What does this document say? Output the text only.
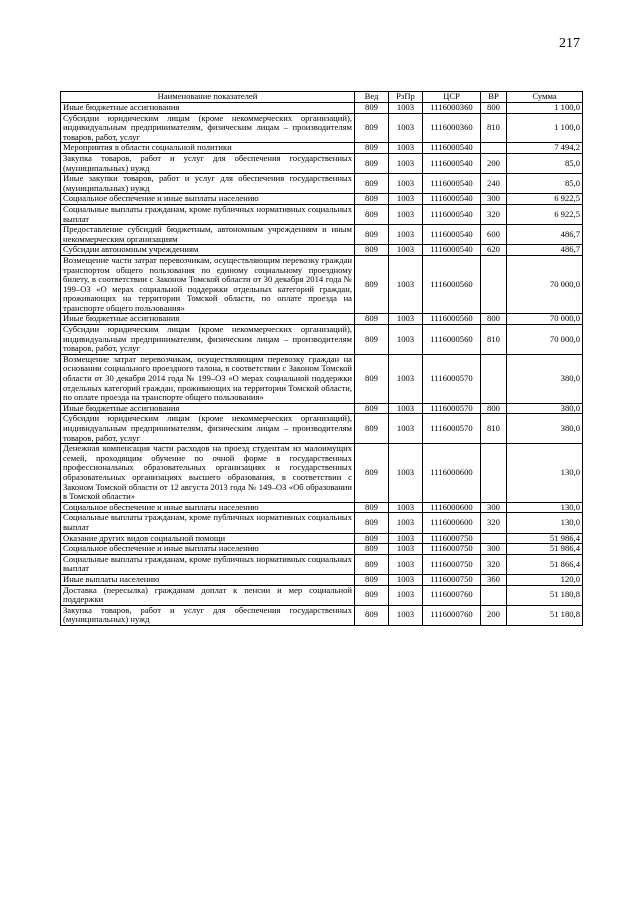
217
Наименование показателей	Вед	РзПр	ЦСР	ВР	Сумма
Иные бюджетные ассигнования	809	1003	1116000360	800	1 100,0
Субсидии юридическим лицам (кроме некоммерческих организаций), индивидуальным предпринимателям, физическим лицам – производителям товаров, работ, услуг	809	1003	1116000360	810	1 100,0
Мероприятия в области социальной политики	809	1003	1116000540		7 494,2
Закупка товаров, работ и услуг для обеспечения государственных (муниципальных) нужд	809	1003	1116000540	200	85,0
Иные закупки товаров, работ и услуг для обеспечения государственных (муниципальных) нужд	809	1003	1116000540	240	85,0
Социальное обеспечение и иные выплаты населению	809	1003	1116000540	300	6 922,5
Социальные выплаты гражданам, кроме публичных нормативных социальных выплат	809	1003	1116000540	320	6 922,5
Предоставление субсидий бюджетным, автономным учреждениям и иным некоммерческим организациям	809	1003	1116000540	600	486,7
Субсидии автономным учреждениям	809	1003	1116000540	620	486,7
Возмещение части затрат перевозчикам, осуществляющим перевозку граждан транспортом общего пользования по единому социальному проездному билету, в соответствии с Законом Томской области от 30 декабря 2014 года № 199–ОЗ «О мерах социальной поддержки отдельных категорий граждан, проживающих на территории Томской области, по оплате проезда на транспорте общего пользования»	809	1003	1116000560		70 000,0
Иные бюджетные ассигнования	809	1003	1116000560	800	70 000,0
Субсидии юридическим лицам (кроме некоммерческих организаций), индивидуальным предпринимателям, физическим лицам – производителям товаров, работ, услуг	809	1003	1116000560	810	70 000,0
Возмещение затрат перевозчикам, осуществляющим перевозку граждан на основании социального проездного талона, в соответствии с Законом Томской области от 30 декабря 2014 года № 199–ОЗ «О мерах социальной поддержки отдельных категорий граждан, проживающих на территории Томской области, по оплате проезда на транспорте общего пользования»	809	1003	1116000570		380,0
Иные бюджетные ассигнования	809	1003	1116000570	800	380,0
Субсидии юридическим лицам (кроме некоммерческих организаций), индивидуальным предпринимателям, физическим лицам – производителям товаров, работ, услуг	809	1003	1116000570	810	380,0
Денежная компенсация части расходов на проезд студентам из малоимущих семей, проходящим обучение по очной форме в государственных профессиональных образовательных организациях и государственных образовательных организациях высшего образования, в соответствии с Законом Томской области от 12 августа 2013 года № 149–ОЗ «Об образовании в Томской области»	809	1003	1116000600		130,0
Социальное обеспечение и иные выплаты населению	809	1003	1116000600	300	130,0
Социальные выплаты гражданам, кроме публичных нормативных социальных выплат	809	1003	1116000600	320	130,0
Оказание других видов социальной помощи	809	1003	1116000750		51 986,4
Социальное обеспечение и иные выплаты населению	809	1003	1116000750	300	51 986,4
Социальные выплаты гражданам, кроме публичных нормативных социальных выплат	809	1003	1116000750	320	51 866,4
Иные выплаты населению	809	1003	1116000750	360	120,0
Доставка (пересылка) гражданам доплат к пенсии и мер социальной поддержки	809	1003	1116000760		51 180,8
Закупка товаров, работ и услуг для обеспечения государственных (муниципальных) нужд	809	1003	1116000760	200	51 180,8
